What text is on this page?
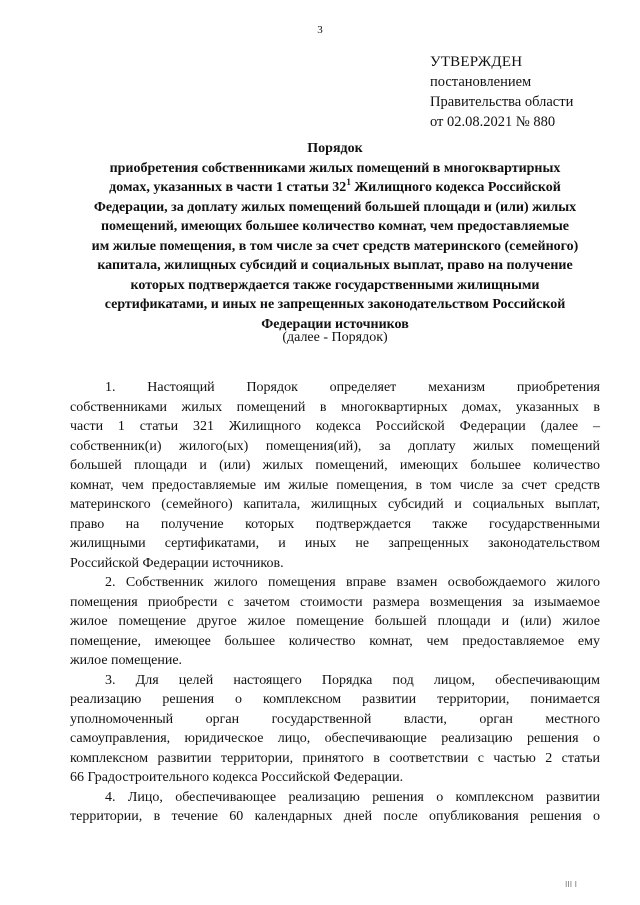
3
УТВЕРЖДЕН
постановлением
Правительства области
от 02.08.2021 № 880
Порядок
приобретения собственниками жилых помещений в многоквартирных
домах, указанных в части 1 статьи $32^1$ Жилищного кодекса Российской
Федерации, за доплату жилых помещений большей площади и (или) жилых
помещений, имеющих большее количество комнат, чем предоставляемые
им жилые помещения, в том числе за счет средств материнского (семейного)
капитала, жилищных субсидий и социальных выплат, право на получение
которых подтверждается также государственными жилищными
сертификатами, и иных не запрещенных законодательством Российской
Федерации источников
(далее - Порядок)

1. Настоящий Порядок определяет механизм приобретения

собственниками жилых помещений в многоквартирных домах, указанных в

части 1 статьи 321 Жилищного кодекса Российской Федерации (далее –

собственник(и) жилого(ых) помещения(ий), за доплату жилых помещений

большей площади и (или) жилых помещений, имеющих большее количество

комнат, чем предоставляемые им жилые помещения, в том числе за счет средств

материнского (семейного) капитала, жилищных субсидий и социальных выплат,

право на получение которых подтверждается также государственными

жилищными сертификатами, и иных не запрещенных законодательством

Российской Федерации источников.

2. Собственник жилого помещения вправе взамен освобождаемого жилого

помещения приобрести с зачетом стоимости размера возмещения за изымаемое

жилое помещение другое жилое помещение большей площади и (или) жилое

помещение, имеющее большее количество комнат, чем предоставляемое ему

жилое помещение.

3. Для целей настоящего Порядка под лицом, обеспечивающим

реализацию решения о комплексном развитии территории, понимается

уполномоченный орган государственной власти, орган местного

самоуправления, юридическое лицо, обеспечивающие реализацию решения о

комплексном развитии территории, принятого в соответствии с частью 2 статьи

66 Градостроительного кодекса Российской Федерации.

4. Лицо, обеспечивающее реализацию решения о комплексном развитии

территории, в течение 60 календарных дней после опубликования решения о

III I
